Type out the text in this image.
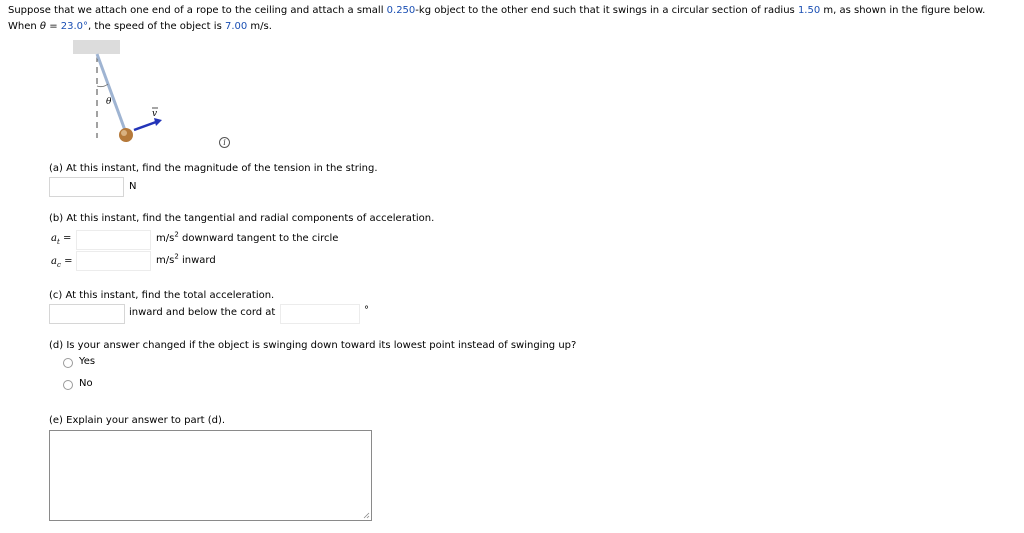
Suppose that we attach one end of a rope to the ceiling and attach a small 0.250-kg object to the other end such that it swings in a circular section of radius 1.50 m, as shown in the figure below.
When θ = 23.0°, the speed of the object is 7.00 m/s.
θ
v
i
(a) At this instant, find the magnitude of the tension in the string.
N
(b) At this instant, find the tangential and radial components of acceleration.
$a_t$ =	$m/s^2$ downward tangent to the circle
$a_c$ =	$m/s^2$ inward
(c) At this instant, find the total acceleration.
inward and below the cord at	°
(d) Is your answer changed if the object is swinging down toward its lowest point instead of swinging up?
Yes
No
(e) Explain your answer to part (d).
